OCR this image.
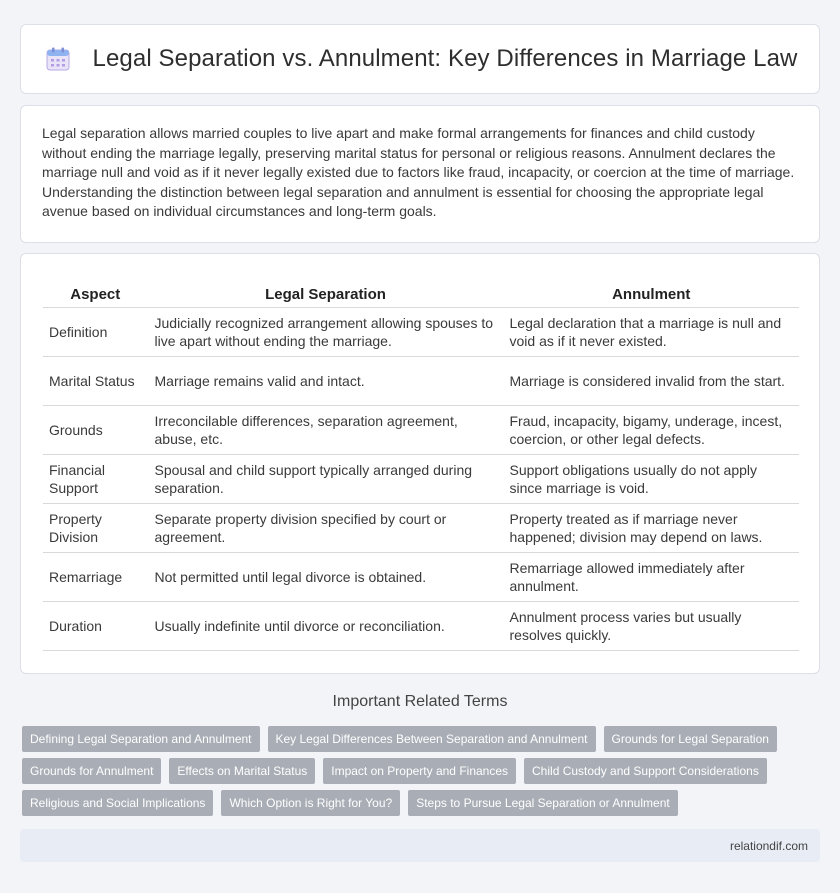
Legal Separation vs. Annulment: Key Differences in Marriage Law

Legal separation allows married couples to live apart and make formal arrangements for finances and child custody without ending the marriage legally, preserving marital status for personal or religious reasons. Annulment declares the marriage null and void as if it never legally existed due to factors like fraud, incapacity, or coercion at the time of marriage. Understanding the distinction between legal separation and annulment is essential for choosing the appropriate legal avenue based on individual circumstances and long-term goals.

Aspect	Legal Separation	Annulment
Definition	Judicially recognized arrangement allowing spouses to live apart without ending the marriage.	Legal declaration that a marriage is null and void as if it never existed.
Marital Status	Marriage remains valid and intact.	Marriage is considered invalid from the start.
Grounds	Irreconcilable differences, separation agreement, abuse, etc.	Fraud, incapacity, bigamy, underage, incest, coercion, or other legal defects.
Financial Support	Spousal and child support typically arranged during separation.	Support obligations usually do not apply since marriage is void.
Property Division	Separate property division specified by court or agreement.	Property treated as if marriage never happened; division may depend on laws.
Remarriage	Not permitted until legal divorce is obtained.	Remarriage allowed immediately after annulment.
Duration	Usually indefinite until divorce or reconciliation.	Annulment process varies but usually resolves quickly.
Important Related Terms
Defining Legal Separation and Annulment	Key Legal Differences Between Separation and Annulment	Grounds for Legal Separation
Grounds for Annulment	Effects on Marital Status	Impact on Property and Finances	Child Custody and Support Considerations
Religious and Social Implications	Which Option is Right for You?	Steps to Pursue Legal Separation or Annulment
relationdif.com
